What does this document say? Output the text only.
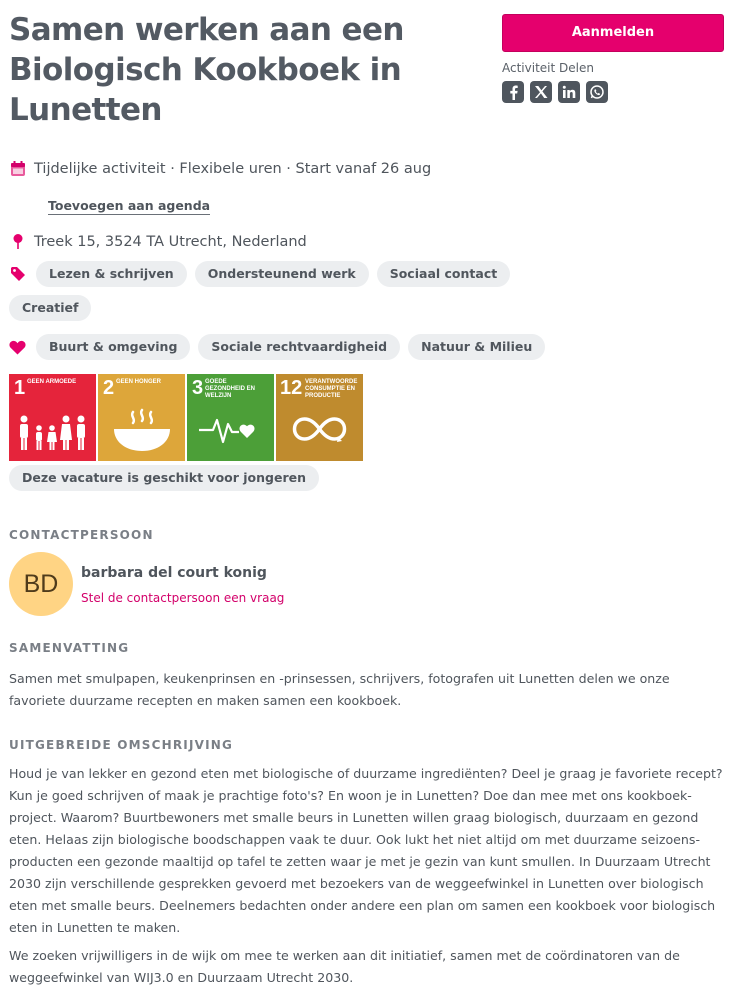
Samen werken aan een Biologisch Kookboek in Lunetten
Aanmelden
Activiteit Delen
Tijdelijke activiteit · Flexibele uren · Start vanaf 26 aug
Toevoegen aan agenda
Treek 15, 3524 TA Utrecht, Nederland
Lezen & schrijven	Ondersteunend werk	Sociaal contact
Creatief
Buurt & omgeving	Sociale rechtvaardigheid	Natuur & Milieu
1 GEEN ARMOEDE	2 GEEN HONGER	3 GOEDE GEZONDHEID EN WELZIJN	12 VERANTWOORDE CONSUMPTIE EN PRODUCTIE
Deze vacature is geschikt voor jongeren
CONTACTPERSOON
BD	barbara del court konig
Stel de contactpersoon een vraag
SAMENVATTING

Samen met smulpapen, keukenprinsen en -prinsessen, schrijvers, fotografen uit Lunetten delen we onze favoriete duurzame recepten en maken samen een kookboek.

UITGEBREIDE OMSCHRIJVING

Houd je van lekker en gezond eten met biologische of duurzame ingrediënten? Deel je graag je favoriete recept? Kun je goed schrijven of maak je prachtige foto's? En woon je in Lunetten? Doe dan mee met ons kookboek-project. Waarom? Buurtbewoners met smalle beurs in Lunetten willen graag biologisch, duurzaam en gezond eten. Helaas zijn biologische boodschappen vaak te duur. Ook lukt het niet altijd om met duurzame seizoens-producten een gezonde maaltijd op tafel te zetten waar je met je gezin van kunt smullen. In Duurzaam Utrecht 2030 zijn verschillende gesprekken gevoerd met bezoekers van de weggeefwinkel in Lunetten over biologisch eten met smalle beurs. Deelnemers bedachten onder andere een plan om samen een kookboek voor biologisch eten in Lunetten te maken.

We zoeken vrijwilligers in de wijk om mee te werken aan dit initiatief, samen met de coördinatoren van de weggeefwinkel van WIJ3.0 en Duurzaam Utrecht 2030.
